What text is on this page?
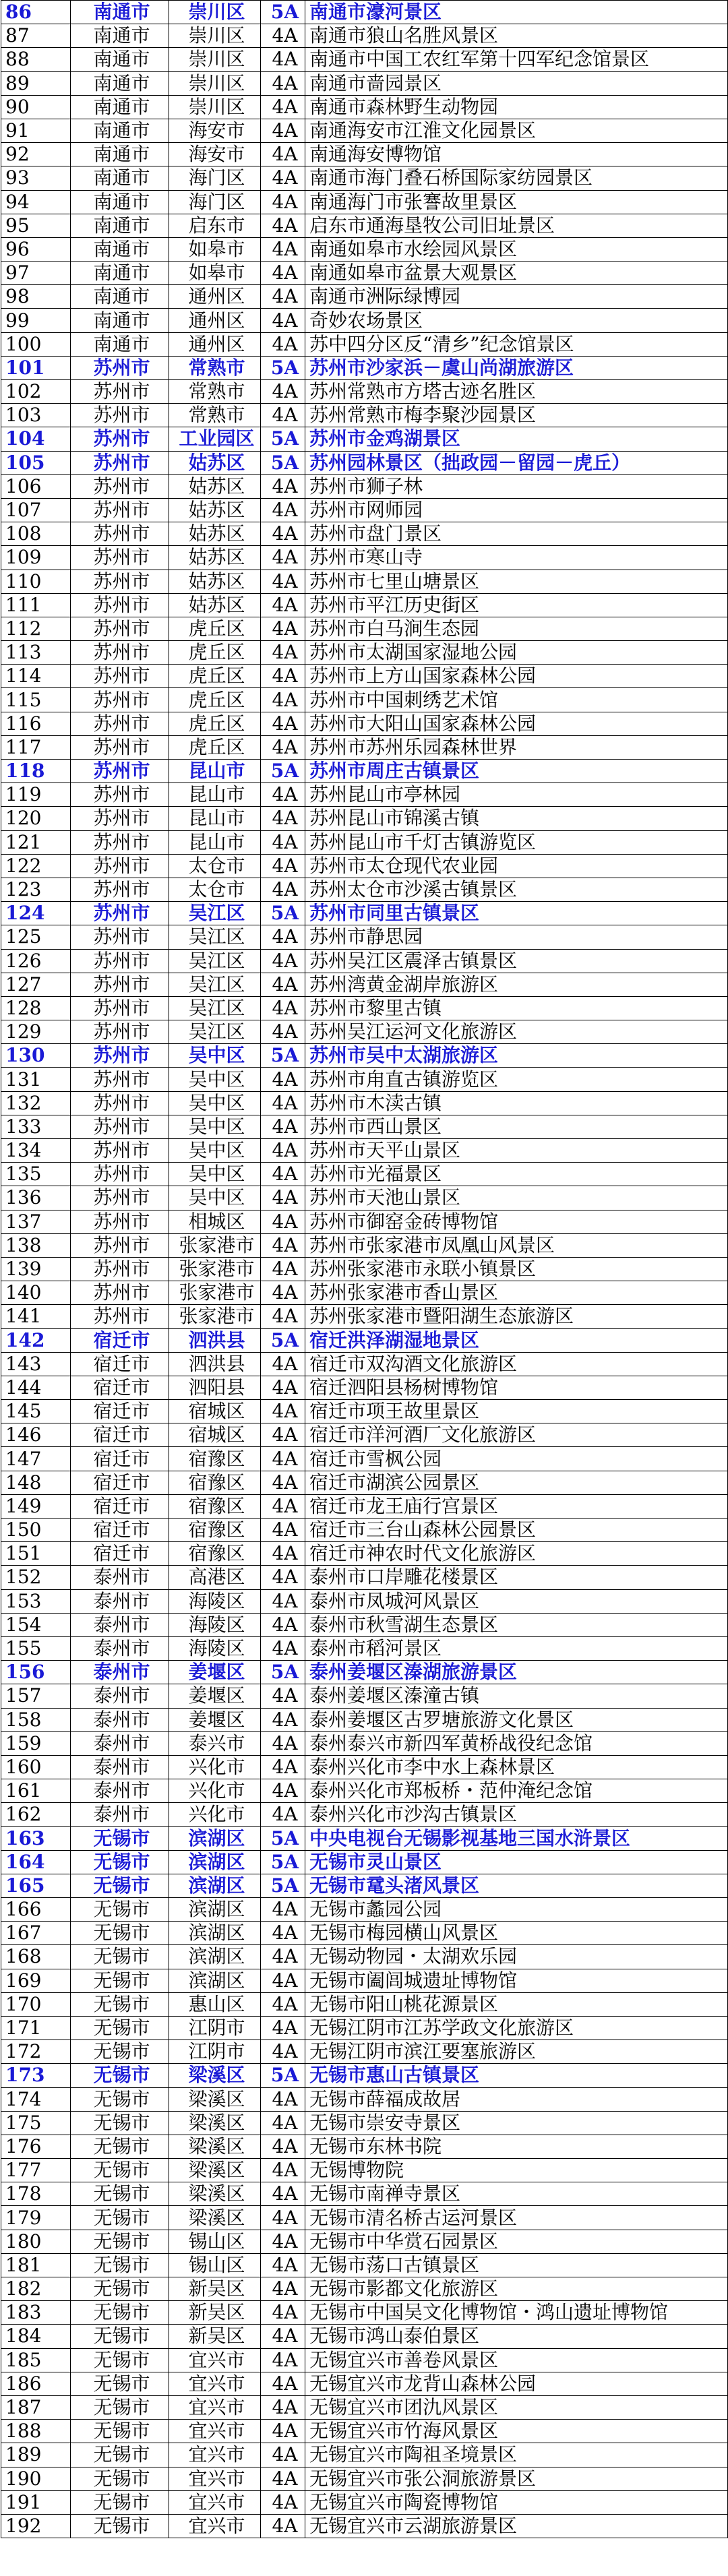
86	南通市	崇川区	5A	南通市濠河景区
87	南通市	崇川区	4A	南通市狼山名胜风景区
88	南通市	崇川区	4A	南通市中国工农红军第十四军纪念馆景区
89	南通市	崇川区	4A	南通市啬园景区
90	南通市	崇川区	4A	南通市森林野生动物园
91	南通市	海安市	4A	南通海安市江淮文化园景区
92	南通市	海安市	4A	南通海安博物馆
93	南通市	海门区	4A	南通市海门叠石桥国际家纺园景区
94	南通市	海门区	4A	南通海门市张謇故里景区
95	南通市	启东市	4A	启东市通海垦牧公司旧址景区
96	南通市	如皋市	4A	南通如皋市水绘园风景区
97	南通市	如皋市	4A	南通如皋市盆景大观景区
98	南通市	通州区	4A	南通市洲际绿博园
99	南通市	通州区	4A	奇妙农场景区
100	南通市	通州区	4A	苏中四分区反“清乡”纪念馆景区
101	苏州市	常熟市	5A	苏州市沙家浜－虞山尚湖旅游区
102	苏州市	常熟市	4A	苏州常熟市方塔古迹名胜区
103	苏州市	常熟市	4A	苏州常熟市梅李聚沙园景区
104	苏州市	工业园区	5A	苏州市金鸡湖景区
105	苏州市	姑苏区	5A	苏州园林景区（拙政园－留园－虎丘）
106	苏州市	姑苏区	4A	苏州市狮子林
107	苏州市	姑苏区	4A	苏州市网师园
108	苏州市	姑苏区	4A	苏州市盘门景区
109	苏州市	姑苏区	4A	苏州市寒山寺
110	苏州市	姑苏区	4A	苏州市七里山塘景区
111	苏州市	姑苏区	4A	苏州市平江历史街区
112	苏州市	虎丘区	4A	苏州市白马涧生态园
113	苏州市	虎丘区	4A	苏州市太湖国家湿地公园
114	苏州市	虎丘区	4A	苏州市上方山国家森林公园
115	苏州市	虎丘区	4A	苏州市中国刺绣艺术馆
116	苏州市	虎丘区	4A	苏州市大阳山国家森林公园
117	苏州市	虎丘区	4A	苏州市苏州乐园森林世界
118	苏州市	昆山市	5A	苏州市周庄古镇景区
119	苏州市	昆山市	4A	苏州昆山市亭林园
120	苏州市	昆山市	4A	苏州昆山市锦溪古镇
121	苏州市	昆山市	4A	苏州昆山市千灯古镇游览区
122	苏州市	太仓市	4A	苏州市太仓现代农业园
123	苏州市	太仓市	4A	苏州太仓市沙溪古镇景区
124	苏州市	吴江区	5A	苏州市同里古镇景区
125	苏州市	吴江区	4A	苏州市静思园
126	苏州市	吴江区	4A	苏州吴江区震泽古镇景区
127	苏州市	吴江区	4A	苏州湾黄金湖岸旅游区
128	苏州市	吴江区	4A	苏州市黎里古镇
129	苏州市	吴江区	4A	苏州吴江运河文化旅游区
130	苏州市	吴中区	5A	苏州市吴中太湖旅游区
131	苏州市	吴中区	4A	苏州市甪直古镇游览区
132	苏州市	吴中区	4A	苏州市木渎古镇
133	苏州市	吴中区	4A	苏州市西山景区
134	苏州市	吴中区	4A	苏州市天平山景区
135	苏州市	吴中区	4A	苏州市光福景区
136	苏州市	吴中区	4A	苏州市天池山景区
137	苏州市	相城区	4A	苏州市御窑金砖博物馆
138	苏州市	张家港市	4A	苏州市张家港市凤凰山风景区
139	苏州市	张家港市	4A	苏州张家港市永联小镇景区
140	苏州市	张家港市	4A	苏州张家港市香山景区
141	苏州市	张家港市	4A	苏州张家港市暨阳湖生态旅游区
142	宿迁市	泗洪县	5A	宿迁洪泽湖湿地景区
143	宿迁市	泗洪县	4A	宿迁市双沟酒文化旅游区
144	宿迁市	泗阳县	4A	宿迁泗阳县杨树博物馆
145	宿迁市	宿城区	4A	宿迁市项王故里景区
146	宿迁市	宿城区	4A	宿迁市洋河酒厂文化旅游区
147	宿迁市	宿豫区	4A	宿迁市雪枫公园
148	宿迁市	宿豫区	4A	宿迁市湖滨公园景区
149	宿迁市	宿豫区	4A	宿迁市龙王庙行宫景区
150	宿迁市	宿豫区	4A	宿迁市三台山森林公园景区
151	宿迁市	宿豫区	4A	宿迁市神农时代文化旅游区
152	泰州市	高港区	4A	泰州市口岸雕花楼景区
153	泰州市	海陵区	4A	泰州市凤城河风景区
154	泰州市	海陵区	4A	泰州市秋雪湖生态景区
155	泰州市	海陵区	4A	泰州市稻河景区
156	泰州市	姜堰区	5A	泰州姜堰区溱湖旅游景区
157	泰州市	姜堰区	4A	泰州姜堰区溱潼古镇
158	泰州市	姜堰区	4A	泰州姜堰区古罗塘旅游文化景区
159	泰州市	泰兴市	4A	泰州泰兴市新四军黄桥战役纪念馆
160	泰州市	兴化市	4A	泰州兴化市李中水上森林景区
161	泰州市	兴化市	4A	泰州兴化市郑板桥・范仲淹纪念馆
162	泰州市	兴化市	4A	泰州兴化市沙沟古镇景区
163	无锡市	滨湖区	5A	中央电视台无锡影视基地三国水浒景区
164	无锡市	滨湖区	5A	无锡市灵山景区
165	无锡市	滨湖区	5A	无锡市鼋头渚风景区
166	无锡市	滨湖区	4A	无锡市蠡园公园
167	无锡市	滨湖区	4A	无锡市梅园横山风景区
168	无锡市	滨湖区	4A	无锡动物园・太湖欢乐园
169	无锡市	滨湖区	4A	无锡市阖闾城遗址博物馆
170	无锡市	惠山区	4A	无锡市阳山桃花源景区
171	无锡市	江阴市	4A	无锡江阴市江苏学政文化旅游区
172	无锡市	江阴市	4A	无锡江阴市滨江要塞旅游区
173	无锡市	梁溪区	5A	无锡市惠山古镇景区
174	无锡市	梁溪区	4A	无锡市薛福成故居
175	无锡市	梁溪区	4A	无锡市崇安寺景区
176	无锡市	梁溪区	4A	无锡市东林书院
177	无锡市	梁溪区	4A	无锡博物院
178	无锡市	梁溪区	4A	无锡市南禅寺景区
179	无锡市	梁溪区	4A	无锡市清名桥古运河景区
180	无锡市	锡山区	4A	无锡市中华赏石园景区
181	无锡市	锡山区	4A	无锡市荡口古镇景区
182	无锡市	新吴区	4A	无锡市影都文化旅游区
183	无锡市	新吴区	4A	无锡市中国吴文化博物馆・鸿山遗址博物馆
184	无锡市	新吴区	4A	无锡市鸿山泰伯景区
185	无锡市	宜兴市	4A	无锡宜兴市善卷风景区
186	无锡市	宜兴市	4A	无锡宜兴市龙背山森林公园
187	无锡市	宜兴市	4A	无锡宜兴市团氿风景区
188	无锡市	宜兴市	4A	无锡宜兴市竹海风景区
189	无锡市	宜兴市	4A	无锡宜兴市陶祖圣境景区
190	无锡市	宜兴市	4A	无锡宜兴市张公洞旅游景区
191	无锡市	宜兴市	4A	无锡宜兴市陶瓷博物馆
192	无锡市	宜兴市	4A	无锡宜兴市云湖旅游景区
